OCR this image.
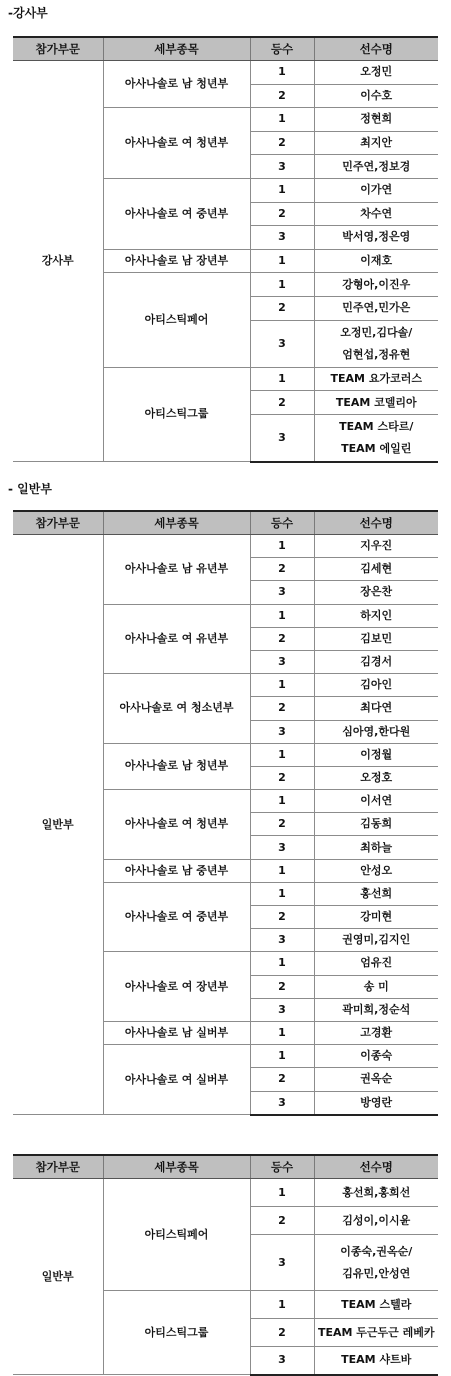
-강사부
참가부문	세부종목	등수	선수명
강사부	아사나솔로 남 청년부	1	오정민

		2	이수호

	아사나솔로 여 청년부	1	정현희

		2	최지안

		3	민주연,정보경

	아사나솔로 여 중년부	1	이가연

		2	차수연

		3	박서영,정은영

	아사나솔로 남 장년부	1	이재호

	아티스틱페어	1	강형아,이진우

		2	민주연,민가은

		3	오정민,김다솔/
엄현섭,정유현

	아티스틱그룹	1	TEAM 요가코러스

		2	TEAM 코델리아

		3	TEAM 스타르/
TEAM 에일린
- 일반부
참가부문	세부종목	등수	선수명
일반부	아사나솔로 남 유년부	1	지우진

		2	김세현

		3	장은찬

	아사나솔로 여 유년부	1	하지인

		2	김보민

		3	김경서

	아사나솔로 여 청소년부	1	김아인

		2	최다연

		3	심아영,한다원

	아사나솔로 남 청년부	1	이정월

		2	오정호

	아사나솔로 여 청년부	1	이서연

		2	김동희

		3	최하늘

	아사나솔로 남 중년부	1	안성오

	아사나솔로 여 중년부	1	홍선희

		2	강미현

		3	권영미,김지인

	아사나솔로 여 장년부	1	엄유진

		2	송 미

		3	곽미희,정순석

	아사나솔로 남 실버부	1	고경환

	아사나솔로 여 실버부	1	이종숙

		2	권옥순

		3	방영란
참가부문	세부종목	등수	선수명
일반부	아티스틱페어	1	홍선희,홍희선

		2	김성이,이시윤

		3	이종숙,권옥순/
김유민,안성연

	아티스틱그룹	1	TEAM 스텔라

		2	TEAM 두근두근 레베카

		3	TEAM 샤트바
